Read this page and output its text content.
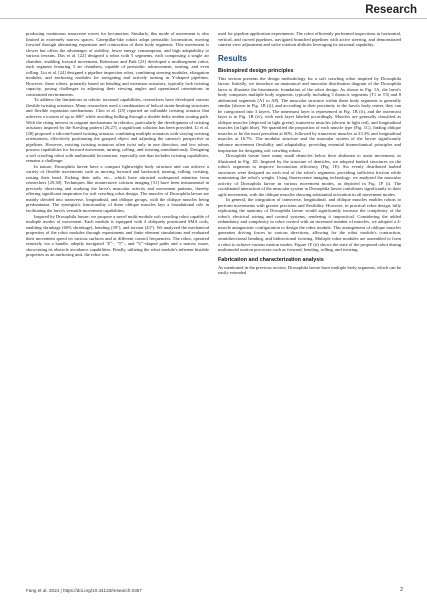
Research

producing continuous transverse waves for locomotion. Similarly, this mode of movement is also limited in extremely narrow spaces. Caterpillar-like robots adopt peristaltic locomotion, moving forward through alternating expansion and contraction of their body segments. This movement is slower but offers the advantages of stability, lower energy consumption, and high adaptability to various terrains. Das et al. [22] designed a robot with 5 segments, each comprising a single air chamber, enabling forward movement. Robertson and Paik [23] developed a multisegment robot, each segment featuring 3 air chambers, capable of peristaltic advancement, turning, and even rolling. Liu et al. [24] designed a pipeline inspection robot, combining steering modules, elongation modules, and anchoring modules for navigating and actively turning in Y-shaped pipelines. However, these robots, primarily based on bending and extension actuators, typically lack twisting capacity, posing challenges in adjusting their viewing angles and operational orientations in constrained environments.

To address the limitations in robotic torsional capabilities, researchers have developed various flexible twisting actuators. Many researchers used a combination of helical strain-limiting structures and flexible expansion mechanisms. Choi et al. [25] reported an inflatable twisting actuator that achieves a torsion of up to 600° while avoiding bulking through a double-helix tendon routing path. With the rising interest in origami mechanisms in robotics, particularly the development of twisting actuators inspired by the Kresling pattern [26,27], a significant solution has been provided. Li et al. [28] proposed a silicone-based twisting actuator, combining multiple actuators with varying twisting orientations, effectively positioning the grasped object and adjusting the camera's perspective in pipelines. However, existing twisting actuators often twist only in one direction, and few robots possess capabilities for forward movement, turning, rolling, and twisting simultaneously. Designing a soft crawling robot with multimodal locomotion, especially one that includes twisting capabilities, remains a challenge.

In nature, Drosophila larvae have a compact lightweight body structure and can achieve a variety of flexible movements such as moving forward and backward, turning, rolling, twisting, raising their head, flicking their tails, etc., which have attracted widespread attention from researchers [29,30]. Techniques like noninvasive calcium imaging [31] have been instrumental in precisely observing and studying the larva's muscular activity and movement patterns, thereby offering significant inspiration for soft crawling robot design. The muscles of Drosophila larvae are mainly divided into transverse, longitudinal, and oblique groups, with the oblique muscles being predominant. The synergistic functionality of these oblique muscles lays a foundational role in facilitating the larva's versatile movement capabilities.

Inspired by Drosophila larvae, we propose a novel multi-module soft crawling robot capable of multiple modes of movement. Each module is equipped with 4 obliquely positioned SMA coils, enabling shrinkage (60% shrinkage), bending (39°), and torsion (43°). We analyzed the mechanical properties of the robot modules through experiments and finite element simulations and evaluated their movement speed on various surfaces and at different control frequencies. The robot, operated remotely via a handle, adeptly navigated "Z"-, "T"-, and "U"-shaped paths and a narrow maze, showcasing its obstacle avoidance capabilities. Finally, utilizing the robot module's inherent bistable properties as an anchoring unit, the robot was

used for pipeline application experiments. The robot efficiently performed inspections in horizontal, vertical, and curved pipelines, navigated branched pipelines with active steering, and demonstrated camera view adjustment and valve rotation abilities leveraging its torsional capability.

Results
Bioinspired design principles

This section presents the design methodology for a soft crawling robot inspired by Drosophila larvae. Initially, we introduce an anatomical and muscular distribution diagram of the Drosophila larva to illustrate the biomimetic foundation of the robot design. As shown in Fig. 1A, the larva's body comprises multiple body segments, typically including 3 thoracic segments (T1 to T3) and 8 abdominal segments (A1 to A8). The muscular structure within these body segments is generally similar [shown in Fig. 1B (i)], and according to their proximity to the larva's body center, they can be categorized into 3 layers. The innermost layer is represented in Fig. 1B (ii), and the outermost layer is in Fig. 1B (iv), with each layer labeled accordingly. Muscles are generally classified as oblique muscles (depicted in light green), transverse muscles (shown in light red), and longitudinal muscles (in light blue). We quantified the proportion of each muscle type (Fig. 1C), finding oblique muscles to be the most prevalent at 60%, followed by transverse muscles at 23.3% and longitudinal muscles at 16.7%. The modular structure and the muscular system of the larvae significantly enhance movement flexibility and adaptability, providing essential biomechanical principles and inspiration for designing soft crawling robots.

Drosophila larvae have many small denticles below their abdomen to assist movement, as illustrated in Fig. 1D. Inspired by the structure of denticles, we adopted barbed structures on the robot's segments to improve locomotion efficiency (Fig. 1E). Six evenly distributed barbed structures were designed on each end of the robot's segments, providing sufficient friction while minimizing the robot's weight. Using fluorescence imaging technology, we analyzed the muscular activity of Drosophila larvae in various movement modes, as depicted in Fig. 1F (i). The coordinated interaction of the muscular system in Drosophila larvae contributes significantly to their agile movement, with the oblique muscles showing substantial activation in all movement modes.

In general, the integration of transverse, longitudinal, and oblique muscles enables robots to perform movements with greater precision and flexibility. However, in practical robot design, fully replicating the anatomy of Drosophila larvae would significantly increase the complexity of the robot's electrical wiring and control systems, rendering it impractical. Considering the added redundancy and complexity in robot control with an increased number of muscles, we adopted a 4-muscle antagonistic configuration to design the robot module. This arrangement of oblique muscles generates driving forces in various directions, allowing for the robot module's contraction, omnidirectional bending, and bidirectional twisting. Multiple robot modules are assembled to form a robot to achieve various motion modes. Figure 1F (ii) shows the state of the proposed robot during multimodal motion processes such as forward, bending, rolling, and twisting.

Fabrication and characterization analysis

As mentioned in the previous section, Drosophila larvae have multiple body segments, which can be easily extended

Fang et al. 2024 | https://doi.org/10.34133/research.0357	2
